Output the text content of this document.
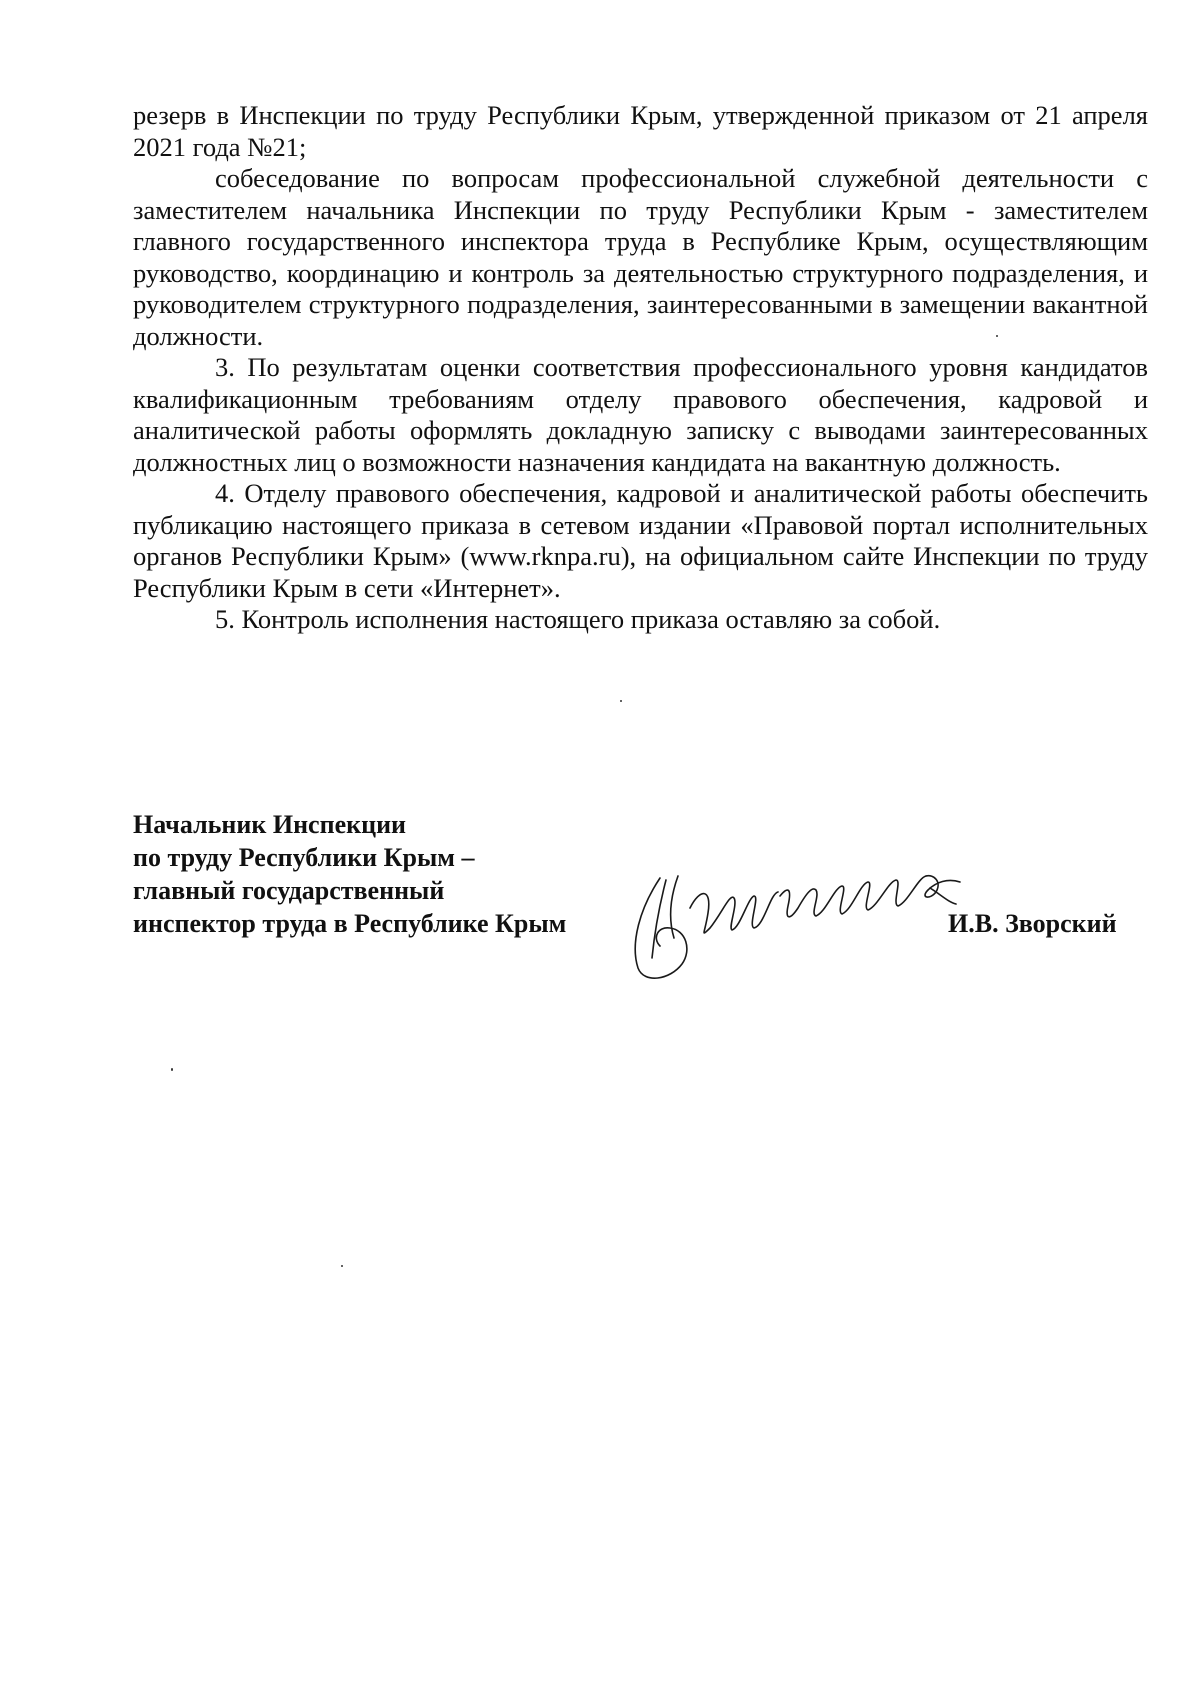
резерв в Инспекции по труду Республики Крым, утвержденной приказом от 21 апреля 2021 года №21;

собеседование по вопросам профессиональной служебной деятельности с заместителем начальника Инспекции по труду Республики Крым - заместителем главного государственного инспектора труда в Республике Крым, осуществляющим руководство, координацию и контроль за деятельностью структурного подразделения, и руководителем структурного подразделения, заинтересованными в замещении вакантной должности.

3. По результатам оценки соответствия профессионального уровня кандидатов квалификационным требованиям отделу правового обеспечения, кадровой и аналитической работы оформлять докладную записку с выводами заинтересованных должностных лиц о возможности назначения кандидата на вакантную должность.

4. Отделу правового обеспечения, кадровой и аналитической работы обеспечить публикацию настоящего приказа в сетевом издании «Правовой портал исполнительных органов Республики Крым» (www.rknpa.ru), на официальном сайте Инспекции по труду Республики Крым в сети «Интернет».

5. Контроль исполнения настоящего приказа оставляю за собой.

Начальник Инспекции
по труду Республики Крым –
главный государственный
инспектор труда в Республике Крым	И.В. Зворский
